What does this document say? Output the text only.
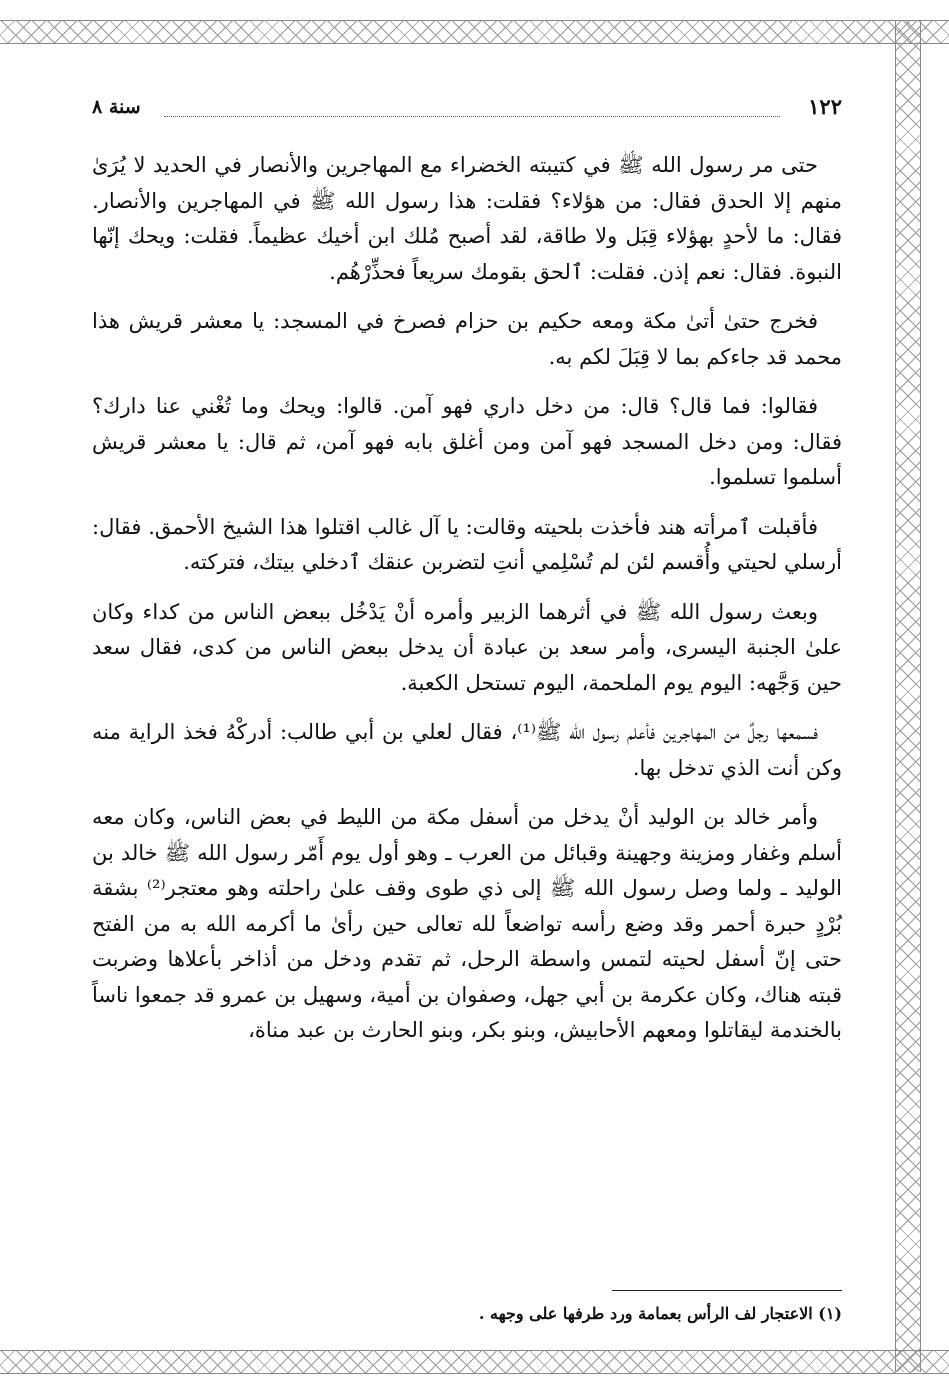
١٢٢
سنة ٨

حتى مر رسول الله ﷺ في كتيبته الخضراء مع المهاجرين والأنصار في الحديد لا يُرَىٰ منهم إلا الحدق فقال: من هؤلاء؟ فقلت: هذا رسول الله ﷺ في المهاجرين والأنصار. فقال: ما لأحدٍ بهؤلاء قِبَل ولا طاقة، لقد أصبح مُلك ابن أخيك عظيماً. فقلت: ويحك إنّها النبوة. فقال: نعم إذن. فقلت: ٱلحق بقومك سريعاً فحذِّرْهُم.

فخرج حتىٰ أتىٰ مكة ومعه حكيم بن حزام فصرخ في المسجد: يا معشر قريش هذا محمد قد جاءكم بما لا قِبَلَ لكم به.

فقالوا: فما قال؟ قال: من دخل داري فهو آمن. قالوا: ويحك وما تُغْني عنا دارك؟ فقال: ومن دخل المسجد فهو آمن ومن أغلق بابه فهو آمن، ثم قال: يا معشر قريش أسلموا تسلموا.

فأقبلت ٱمرأته هند فأخذت بلحيته وقالت: يا آل غالب اقتلوا هذا الشيخ الأحمق. فقال: أرسلي لحيتي وأُقسم لئن لم تُسْلِمي أنتِ لتضربن عنقك ٱدخلي بيتك، فتركته.

وبعث رسول الله ﷺ في أثرهما الزبير وأمره أنْ يَدْخُل ببعض الناس من كداء وكان علىٰ الجنبة اليسرى، وأمر سعد بن عبادة أن يدخل ببعض الناس من كدى، فقال سعد حين وَجَّهه: اليوم يوم الملحمة، اليوم تستحل الكعبة.

فسمعها رجلٌ من المهاجرين فأعلم رسول الله ﷺ⁽¹⁾، فقال لعلي بن أبي طالب: أدركْهُ فخذ الراية منه وكن أنت الذي تدخل بها.

وأمر خالد بن الوليد أنْ يدخل من أسفل مكة من الليط في بعض الناس، وكان معه أسلم وغفار ومزينة وجهينة وقبائل من العرب ـ وهو أول يوم أَمّر رسول الله ﷺ خالد بن الوليد ـ ولما وصل رسول الله ﷺ إلى ذي طوى وقف علىٰ راحلته وهو معتجر⁽²⁾ بشقة بُرْدٍ حبرة أحمر وقد وضع رأسه تواضعاً لله تعالى حين رأىٰ ما أكرمه الله به من الفتح حتى إنّ أسفل لحيته لتمس واسطة الرحل، ثم تقدم ودخل من أذاخر بأعلاها وضربت قبته هناك، وكان عكرمة بن أبي جهل، وصفوان بن أمية، وسهيل بن عمرو قد جمعوا ناساً بالخندمة ليقاتلوا ومعهم الأحابيش، وبنو بكر، وبنو الحارث بن عبد مناة،

(١) الاعتجار لف الرأس بعمامة ورد طرفها على وجهه .
